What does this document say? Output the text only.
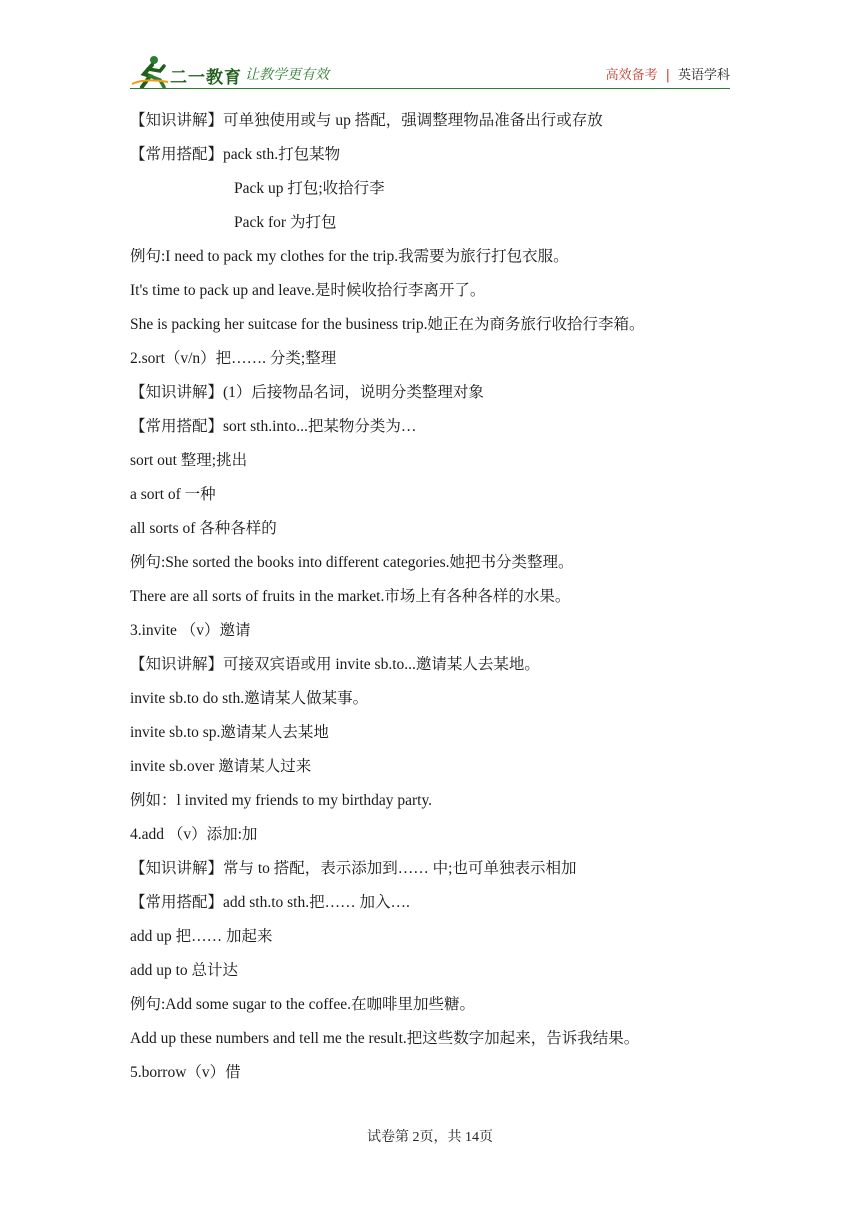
二一教育 让教学更有效	高效备考 | 英语学科
【知识讲解】可单独使用或与 up 搭配，强调整理物品准备出行或存放
【常用搭配】pack sth.打包某物
Pack up 打包;收拾行李
Pack for 为打包
例句:I need to pack my clothes for the trip.我需要为旅行打包衣服。
It's time to pack up and leave.是时候收拾行李离开了。
She is packing her suitcase for the business trip.她正在为商务旅行收拾行李箱。
2.sort（v/n）把……. 分类;整理
【知识讲解】(1）后接物品名词，说明分类整理对象
【常用搭配】sort sth.into...把某物分类为…
sort out 整理;挑出
a sort of 一种
all sorts of 各种各样的
例句:She sorted the books into different categories.她把书分类整理。
There are all sorts of fruits in the market.市场上有各种各样的水果。
3.invite （v）邀请
【知识讲解】可接双宾语或用 invite sb.to...邀请某人去某地。
invite sb.to do sth.邀请某人做某事。
invite sb.to sp.邀请某人去某地
invite sb.over 邀请某人过来
例如：l invited my friends to my birthday party.
4.add （v）添加:加
【知识讲解】常与 to 搭配，表示添加到…… 中;也可单独表示相加
【常用搭配】add sth.to sth.把…… 加入….
add up 把…… 加起来
add up to 总计达
例句:Add some sugar to the coffee.在咖啡里加些糖。
Add up these numbers and tell me the result.把这些数字加起来，告诉我结果。
5.borrow（v）借
试卷第 2页，共 14页
